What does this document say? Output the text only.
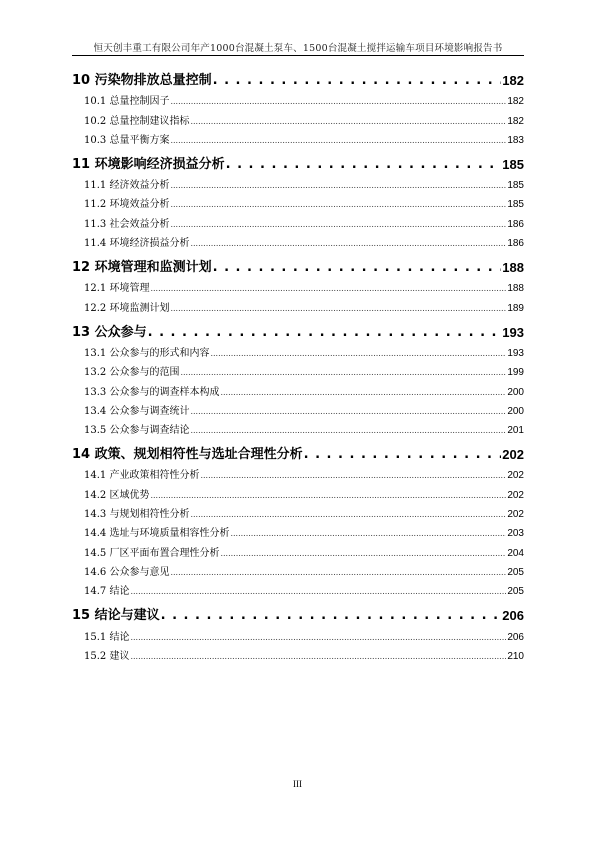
恒天创丰重工有限公司年产1000台混凝土泵车、1500台混凝土搅拌运输车项目环境影响报告书
10 污染物排放总量控制 . . .	182
10.1 总量控制因子 .....	182
10.2 总量控制建议指标 .....	182
10.3 总量平衡方案 .....	183
11 环境影响经济损益分析 . . .	185
11.1 经济效益分析 .....	185
11.2 环境效益分析 .....	185
11.3 社会效益分析 .....	186
11.4 环境经济损益分析 .....	186
12 环境管理和监测计划 . . .	188
12.1 环境管理 .....	188
12.2 环境监测计划 .....	189
13 公众参与 . . .	193
13.1 公众参与的形式和内容 .....	193
13.2 公众参与的范围 .....	199
13.3 公众参与的调查样本构成 .....	200
13.4 公众参与调查统计 .....	200
13.5 公众参与调查结论 .....	201
14 政策、规划相符性与选址合理性分析 . . .	202
14.1 产业政策相符性分析 .....	202
14.2 区域优势 .....	202
14.3 与规划相符性分析 .....	202
14.4 选址与环境质量相容性分析 .....	203
14.5 厂区平面布置合理性分析 .....	204
14.6 公众参与意见 .....	205
14.7 结论 .....	205
15 结论与建议 . . .	206
15.1 结论 .....	206
15.2 建议 .....	210
III
